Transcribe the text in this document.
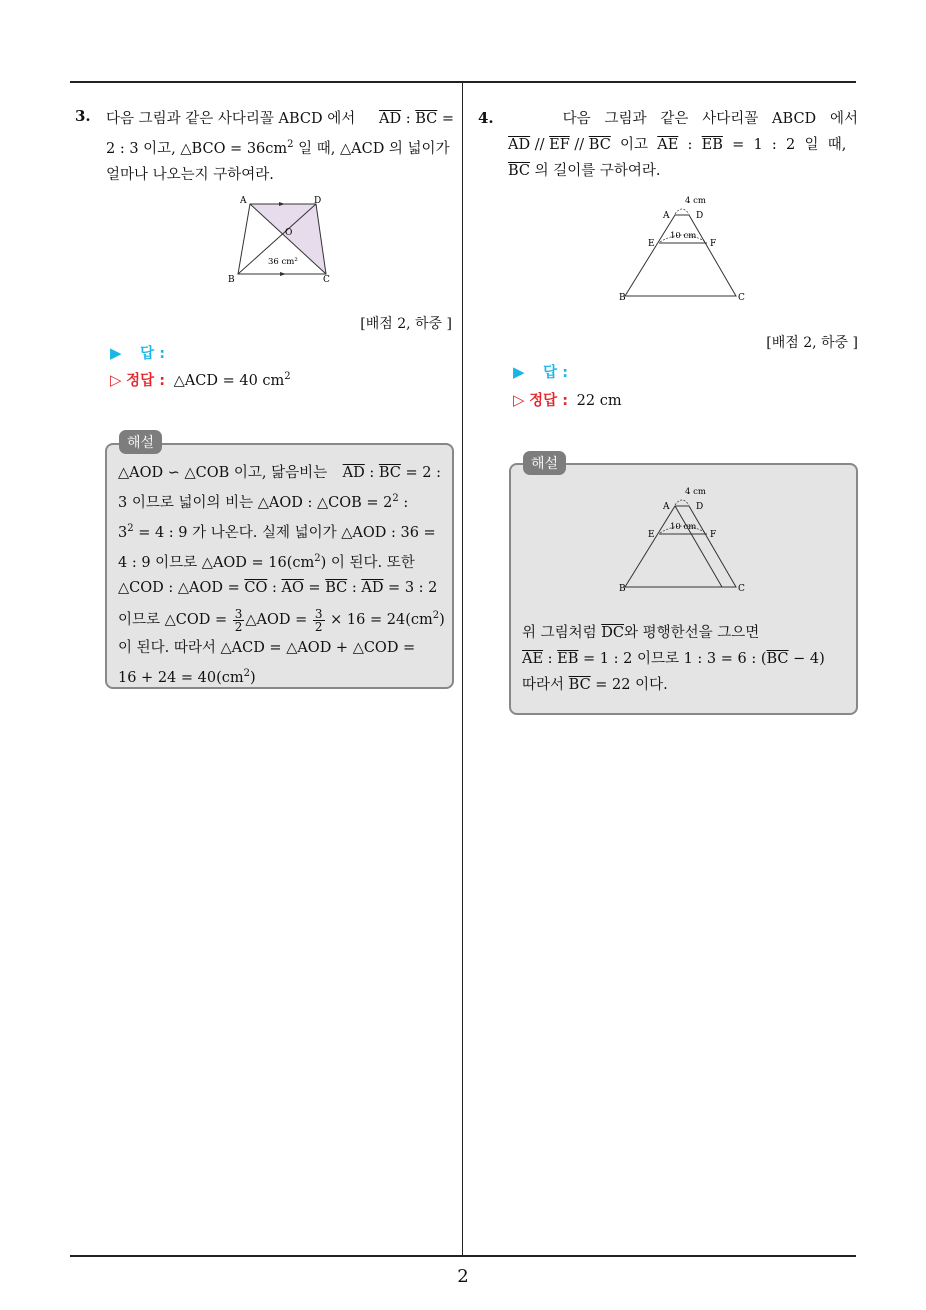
3. 다음 그림과 같은 사다리꼴 ABCD 에서 $\overline{AD}$ : $\overline{BC}$ =
2 : 3 이고, △BCO = $36cm^2$ 일 때, △ACD 의 넓이가
얼마나 나오는지 구하여라.
A	D
O
B	C
36 cm²
[배점 2, 하중 ]
▶ 답 :
▷ 정답 : △ACD = 40 $cm^2$
해설
△AOD ∽ △COB 이고, 닮음비는 $\overline{AD}$ : $\overline{BC} = 2$ :
3 이므로 넓이의 비는 △AOD : △COB = $2^2$ :
$3^2 = 4$ : 9 가 나온다. 실제 넓이가 △AOD : 36 =
4 : 9 이므로 △AOD = $16(cm^2)$ 이 된다. 또한
△COD : △AOD = $\overline{CO}$ : $\overline{AO} = \overline{BC}$ : $\overline{AD} = 3$ : 2
이므로 △COD = $\frac{3}{2}$ △AOD = $\frac{3}{2} \times 16 = 24(cm^2)$
이 된다. 따라서 △ACD = △AOD + △COD =
$16 + 24 = 40(cm^2)$
4.	다음   그림과   같은   사다리꼴   ABCD   에서
$\overline{AD} // \overline{EF} // \overline{BC}$  이고  $\overline{AE}$  :  $\overline{EB} = 1$  :  2  일  때,
$\overline{BC}$ 의 길이를 구하여라.
4 cm
10 cm
A	D
E	F
B	C
[배점 2, 하중 ]
▶ 답 :
▷ 정답 : 22 cm
해설
4 cm
10 cm
A	D
E	F
B	C
위 그림처럼 $\overline{DC}$와 평행한선을 그으면
$\overline{AE}$ : $\overline{EB} = 1$ : 2 이므로 1 : 3 = 6 : $(\overline{BC} - 4)$
따라서 $\overline{BC} = 22$ 이다.
2
